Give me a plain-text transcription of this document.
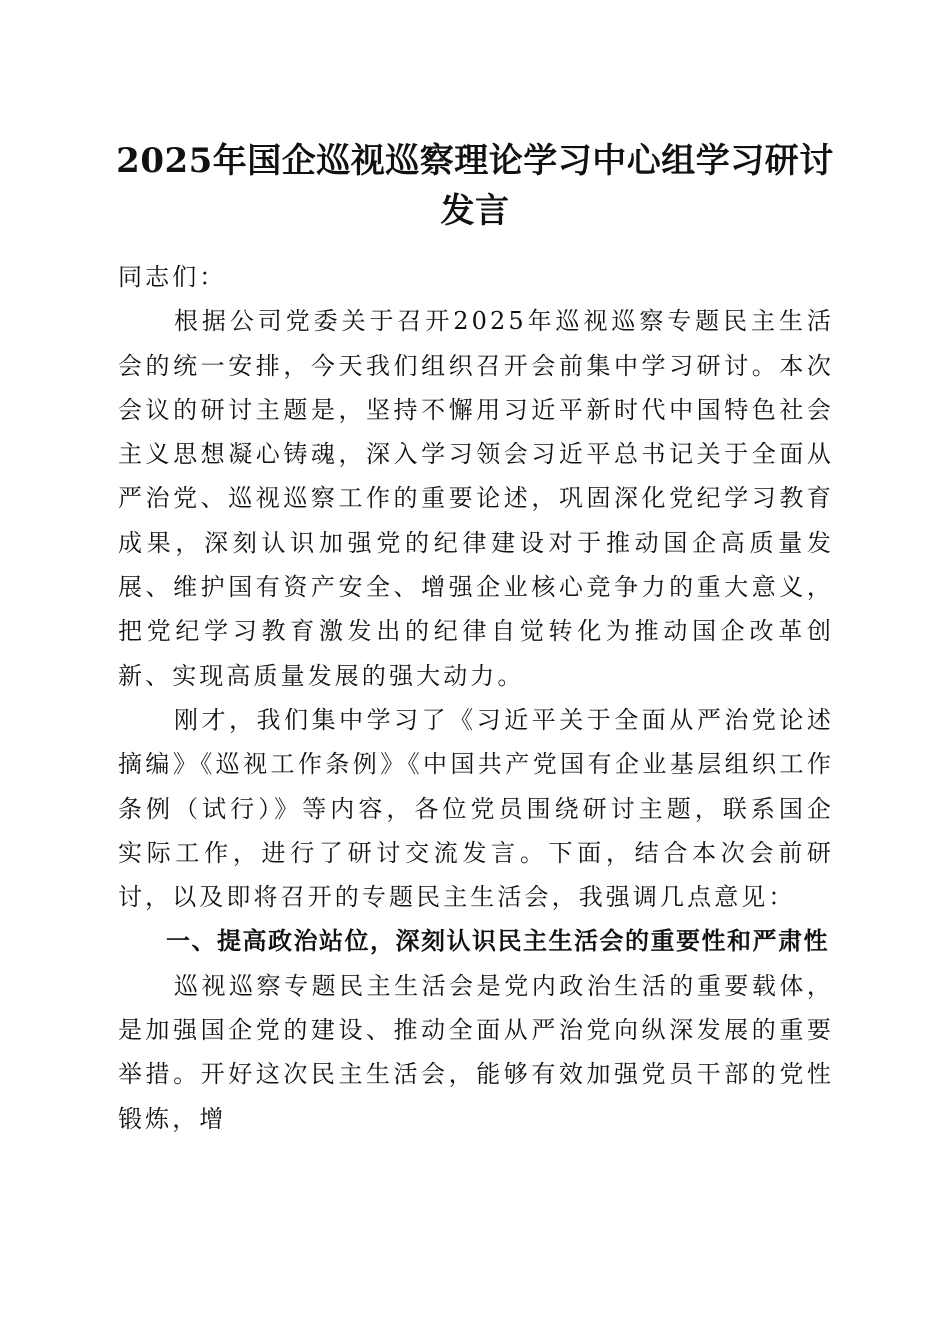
2025年国企巡视巡察理论学习中心组学习研讨发言

同志们：

根据公司党委关于召开2025年巡视巡察专题民主生活会的统一安排，今天我们组织召开会前集中学习研讨。本次会议的研讨主题是，坚持不懈用习近平新时代中国特色社会主义思想凝心铸魂，深入学习领会习近平总书记关于全面从严治党、巡视巡察工作的重要论述，巩固深化党纪学习教育成果，深刻认识加强党的纪律建设对于推动国企高质量发展、维护国有资产安全、增强企业核心竞争力的重大意义，把党纪学习教育激发出的纪律自觉转化为推动国企改革创新、实现高质量发展的强大动力。

刚才，我们集中学习了《习近平关于全面从严治党论述摘编》《巡视工作条例》《中国共产党国有企业基层组织工作条例（试行）》等内容，各位党员围绕研讨主题，联系国企实际工作，进行了研讨交流发言。下面，结合本次会前研讨，以及即将召开的专题民主生活会，我强调几点意见：

一、提高政治站位，深刻认识民主生活会的重要性和严肃性

巡视巡察专题民主生活会是党内政治生活的重要载体，是加强国企党的建设、推动全面从严治党向纵深发展的重要举措。开好这次民主生活会，能够有效加强党员干部的党性锻炼，增
